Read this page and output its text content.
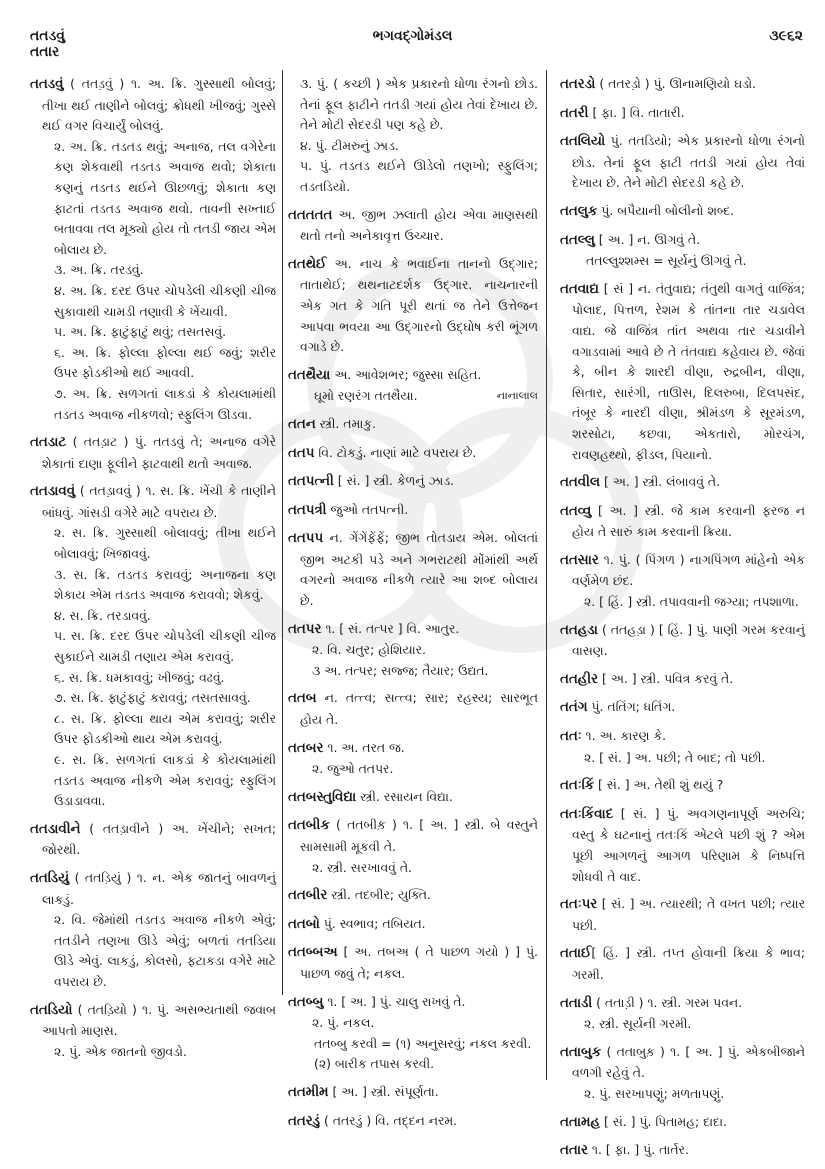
તતડવું
તતાર
ભગવદ્ગોમંડલ	૩૯૬૨
તતડવું ( તતડ઼વું ) ૧. અ. ક્રિ. ગુસ્સાથી બોલવું; તીખા થઈ તાણીને બોલવું; ક્રોધથી ખીજવું; ગુસ્સે થઈ વગર વિચાર્યું બોલવું.
૨. અ. ક્રિ. તડતડ થવું; અનાજ, તલ વગેરેના કણ શેકવાથી તડતડ અવાજ થવો; શેકાતા કણનું તડતડ થઈને ઊછળવું; શેકાતા કણ ફાટતાં તડતડ અવાજ થવો. તાવની સખ્તાઈ બતાવવા તલ મૂક્યો હોય તો તતડી જાય એમ બોલાય છે.
૩. અ. ક્રિ. તરડવું.
૪. અ. ક્રિ. દરદ ઉપર ચોપડેલી ચીકણી ચીજ સુકાવાથી ચામડી તણાવી કે ખેંચાવી.
૫. અ. ક્રિ. ફાટુંફાટું થવું; તસતસવું.
૬. અ. ક્રિ. ફોલ્લા ફોલ્લા થઈ જવું; શરીર ઉપર ફોડકીઓ થઈ આવવી.
૭. અ. ક્રિ. સળગતાં લાકડાં કે કોયલામાંથી તડતડ અવાજ નીકળવો; સ્ફુલિંગ ઊડવા.
તતડાટ ( તતડ઼ાટ ) પું. તતડવું તે; અનાજ વગેરે શેકાતાં દાણા ફૂલીને ફાટવાથી થતો અવાજ.
તતડાવવું ( તતડ઼ાવવું ) ૧. સ. ક્રિ. ખેંચી કે તાણીને બાંધવું. ગાંસડી વગેરે માટે વપરાય છે.
૨. સ. ક્રિ. ગુસ્સાથી બોલાવવું; તીખા થઈને બોલાવવું; ખિજાવવું.
૩. સ. ક્રિ. તડતડ કરાવવું; અનાજના કણ શેકાય એમ તડતડ અવાજ કરાવવો; શેકવું.
૪. સ. ક્રિ. તરડાવવું.
૫. સ. ક્રિ. દરદ ઉપર ચોપડેલી ચીકણી ચીજ સુકાઈને ચામડી તણાય એમ કરાવવું.
૬. સ. ક્રિ. ધમકાવવું; ખીજવું; વઢવું.
૭. સ. ક્રિ. ફાટુંફાટું કરાવવું; તસતસાવવું.
૮. સ. ક્રિ. ફોલ્લા થાય એમ કરાવવું; શરીર ઉપર ફોડકીઓ થાય એમ કરાવવું.
૯. સ. ક્રિ. સળગતાં લાકડાં કે કોયલામાંથી તડતડ અવાજ નીકળે એમ કરાવવું; સ્ફુલિંગ ઉડાડાવવા.
તતડાવીને ( તતડ઼ાવીને ) અ. ખેંચીને; સખત; જોરથી.
તતડિયું ( તતડ઼િયું ) ૧. ન. એક જાતનું બાવળનું લાકડું.
૨. વિ. જેમાંથી તડતડ અવાજ નીકળે એવું; તતડીને તણખા ઊડે એવું; બળતાં તતડિયા ઊડે એવું. લાકડું, કોલસો, ફટાકડા વગેરે માટે વપરાય છે.
તતડિયો ( તતડ઼િયો ) ૧. પું. અસભ્યતાથી જવાબ આપતો માણસ.
૨. પું. એક જાતનો જીવડો.
૩. પું. ( કચ્છી ) એક પ્રકારનો ધોળા રંગનો છોડ. તેનાં ફૂલ ફાટીને તતડી ગયાં હોય તેવાં દેખાય છે. તેને મોટી સેદરડી પણ કહે છે.
૪. પું. ટીમરુનું ઝાડ.
૫. પું. તડતડ થઈને ઊડેલો તણખો; સ્ફુલિંગ; તડતડિયો.
તતતતત અ. જીભ ઝલાતી હોય એવા માણસથી થતો તનો અનેકાવૃત્ત ઉચ્ચાર.
તતથેઈ અ. નાચ કે ભવાઈના તાનનો ઉદ્ગાર; તાતાથેઈ; થથનાટદર્શક ઉદ્ગાર. નાચનારની એક ગત કે ગતિ પૂરી થતાં જ તેને ઉત્તેજન આપવા ભવયા આ ઉદ્ગારનો ઉદ્ઘોષ કરી ભૂંગળ વગાડે છે.
તતથૈયા અ. આવેશભર; જુસ્સા સહિત.
ઘૂમો રણરંગ તતથૈયા.	નાનાલાલ
તતન સ્ત્રી. તમાકુ.
તતપ વિ. ટોકડું. નાણાં માટે વપરાય છે.
તતપત્ની [ સં. ] સ્ત્રી. કેળનું ઝાડ.
તતપત્રી જુઓ તતપત્ની.
તતપપ ન. ગેંગેંફેંફેં; જીભ તોતડાય એમ. બોલતાં જીભ અટકી પડે અને ગભરાટથી મોંમાંથી અર્થ વગરનો અવાજ નીકળે ત્યારે આ શબ્દ બોલાય છે.
તતપર ૧. [ સં. તત્પર ] વિ. આતુર.
૨. વિ. ચતુર; હોશિયાર.
૩ અ. તત્પર; સજ્જ; તૈયાર; ઉદ્યત.
તતબ ન. તત્ત્વ; સત્ત્વ; સાર; રહસ્ય; સારભૂત હોય તે.
તતબર ૧. અ. તરત જ.
૨. જુઓ તતપર.
તતબસ્તુવિદ્યા સ્ત્રી. રસાયન વિદ્યા.
તતબીક ( તતબીક઼ ) ૧. [ અ. ] સ્ત્રી. બે વસ્તુને સામસામી મૂકવી તે.
૨. સ્ત્રી. સરખાવવું તે.
તતબીર સ્ત્રી. તદબીર; યુક્તિ.
તતબો પું. સ્વભાવ; તબિયત.
તતબ્બઅ [ અ. તબઅ ( તે પાછળ ગયો ) ] પું. પાછળ જવું તે; નકલ.
તતબ્બુ ૧. [ અ. ] પું. ચાલુ રાખવું તે.
૨. પું. નકલ.
તતબ્બુ કરવી = (૧) અનુસરવું; નકલ કરવી.
(૨) બારીક તપાસ કરવી.
તતમીમ [ અ. ] સ્ત્રી. સંપૂર્ણતા.
તતરડું ( તતરડ઼ું ) વિ. તદ્દન નરમ.
તતરડો ( તતરડ઼ો ) પું. ઊનામણિયો ઘડો.
તતરી [ ફા. ] વિ. તાતારી.
તતલિયો પું. તતડિયો; એક પ્રકારનો ધોળા રંગનો છોડ. તેનાં ફૂલ ફાટી તતડી ગયાં હોય તેવાં દેખાય છે. તેને મોટી સેદરડી કહે છે.
તતલુક પું. બપૈયાની બોલીનો શબ્દ.
તતલ્લુ [ અ. ] ન. ઊગવું તે.
તતલ્લુશ્શમ્સ = સૂર્યનું ઊગવું તે.
તતવાદ્ય [ સં ] ન. તંતુવાદ્ય; તંતુથી વાગતું વાજિંત્ર; પોલાદ, પિત્તળ, રેશમ કે તાંતના તાર ચડાવેલ વાદ્ય. જે વાજિંત્ર તાંત અથવા તાર ચડાવીને વગાડવામાં આવે છે તે તંતવાદ્ય કહેવાય છે. જેવાં કે, બીન કે શારદી વીણા, રુદ્રબીન, વીણા, સિતાર, સારંગી, તાઊસ, દિલરુબા, દિલપસંદ, તંબૂર કે નારદી વીણા, શ્રીમંડળ કે સૂરમંડળ, શરસોટા, કછવા, એકતારો, મોરચંગ, રાવણહથ્થો, ફીડલ, પિયાનો.
તતવીલ [ અ. ] સ્ત્રી. લંબાવવું તે.
તતવ્વુ [ અ. ] સ્ત્રી. જે કામ કરવાની ફરજ ન હોય તે સારું કામ કરવાની ક્રિયા.
તતસાર ૧. પું. ( પિંગળ ) નાગપિંગળ માંહેનો એક વર્ણમેળ છંદ.
૨. [ હિં. ] સ્ત્રી. તપાવવાની જગ્યા; તપશાળા.
તતહડા ( તતહડ઼ા ) [ હિં. ] પું. પાણી ગરમ કરવાનું વાસણ.
તતહીર [ અ. ] સ્ત્રી. પવિત્ર કરવું તે.
તતંગ પું. તતિંગ; ધતિંગ.
તતઃ ૧. અ. કારણ કે.
૨. [ સં. ] અ. પછી; તે બાદ; તો પછી.
તતઃકિં [ સં. ] અ. તેથી શું થયું ?
તતઃકિંવાદ [ સં. ] પું. અવગણનાપૂર્ણ અરુચિ; વસ્તુ કે ઘટનાનું તતઃકિં એટલે પછી શું ? એમ પૂછી આગળનું આગળ પરિણામ કે નિષ્પત્તિ શોધવી તે વાદ.
તતઃપર [ સં. ] અ. ત્યારથી; તે વખત પછી; ત્યાર પછી.
તતાઈ[ હિં. ] સ્ત્રી. તપ્ત હોવાની ક્રિયા કે ભાવ; ગરમી.
તતાડી ( તતાડ઼ી ) ૧. સ્ત્રી. ગરમ પવન.
૨. સ્ત્રી. સૂર્યની ગરમી.
તતાબુક ( તતાબુક઼ ) ૧. [ અ. ] પું. એકબીજાને વળગી રહેવું તે.
૨. પું. સરખાપણું; મળતાપણું.
તતામહ [ સં. ] પું. પિતામહ; દાદા.
તતાર ૧. [ ફા. ] પું. તાર્તર.
